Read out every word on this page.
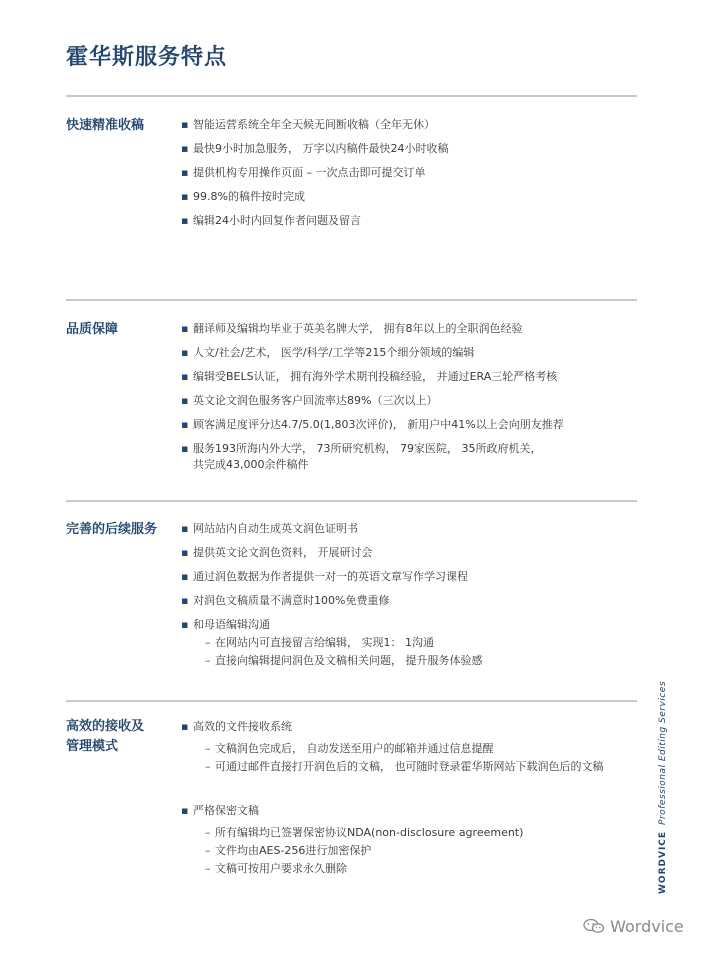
霍华斯服务特点
快速精准收稿	▪ 智能运营系统全年全天候无间断收稿（全年无休）
▪ 最快9小时加急服务， 万字以内稿件最快24小时收稿
▪ 提供机构专用操作页面 – 一次点击即可提交订单
▪ 99.8%的稿件按时完成
▪ 编辑24小时内回复作者问题及留言
品质保障	▪ 翻译师及编辑均毕业于英美名牌大学， 拥有8年以上的全职润色经验
▪ 人文/社会/艺术， 医学/科学/工学等215个细分领域的编辑
▪ 编辑受BELS认证， 拥有海外学术期刊投稿经验， 并通过ERA三轮严格考核
▪ 英文论文润色服务客户回流率达89%（三次以上）
▪ 顾客满足度评分达4.7/5.0(1,803次评价)， 新用户中41%以上会向朋友推荐
▪ 服务193所海内外大学， 73所研究机构， 79家医院， 35所政府机关，
共完成43,000余件稿件
完善的后续服务 ▪ 网站站内自动生成英文润色证明书
▪ 提供英文论文润色资料， 开展研讨会
▪ 通过润色数据为作者提供一对一的英语文章写作学习课程
▪ 对润色文稿质量不满意时100%免费重修
▪ 和母语编辑沟通
– 在网站内可直接留言给编辑， 实现1： 1沟通
– 直接向编辑提问润色及文稿相关问题， 提升服务体验感
高效的接收及
管理模式
▪ 高效的文件接收系统
– 文稿润色完成后， 自动发送至用户的邮箱并通过信息提醒
– 可通过邮件直接打开润色后的文稿， 也可随时登录霍华斯网站下载润色后的文稿
▪ 严格保密文稿
– 所有编辑均已签署保密协议NDA(non-disclosure agreement)
– 文件均由AES-256进行加密保护
– 文稿可按用户要求永久删除	WORDVICEProfessional Editing Services
Wordvice
